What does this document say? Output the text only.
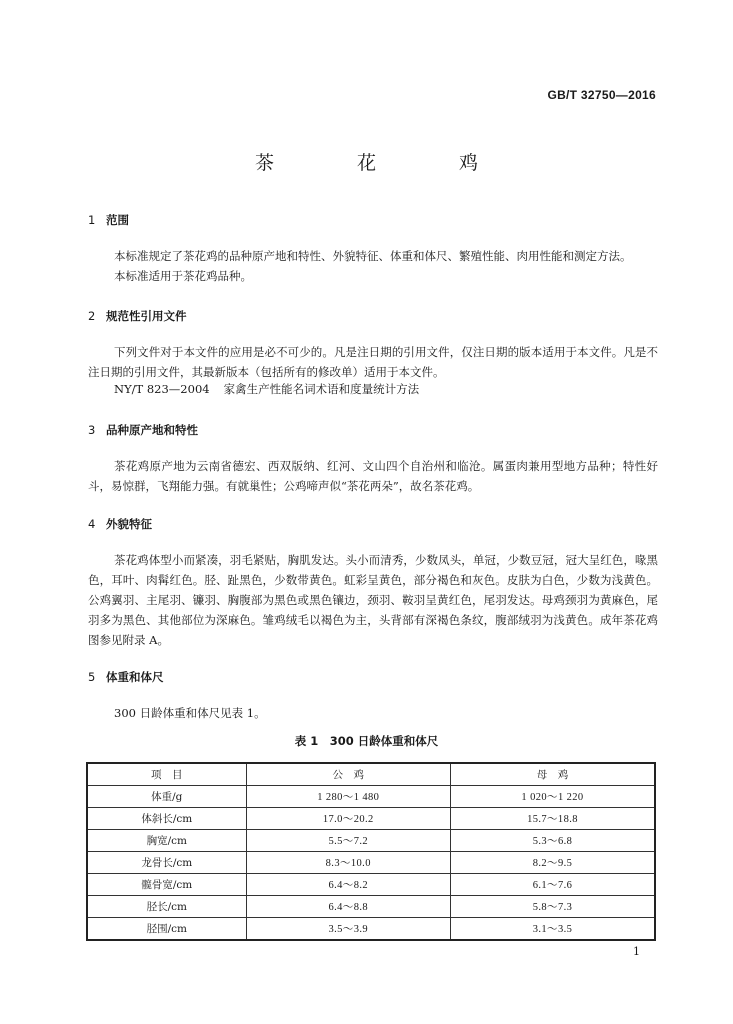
GB/T 32750—2016
茶　花　鸡
1 范围
本标准规定了茶花鸡的品种原产地和特性、外貌特征、体重和体尺、繁殖性能、肉用性能和测定方法。
本标准适用于茶花鸡品种。
2 规范性引用文件
下列文件对于本文件的应用是必不可少的。凡是注日期的引用文件，仅注日期的版本适用于本文件。凡是不注日期的引用文件，其最新版本（包括所有的修改单）适用于本文件。
NY/T 823—2004 家禽生产性能名词术语和度量统计方法
3 品种原产地和特性
茶花鸡原产地为云南省德宏、西双版纳、红河、文山四个自治州和临沧。属蛋肉兼用型地方品种；特性好斗，易惊群，飞翔能力强。有就巢性；公鸡啼声似“茶花两朵”，故名茶花鸡。
4 外貌特征
茶花鸡体型小而紧凑，羽毛紧贴，胸肌发达。头小而清秀，少数凤头，单冠，少数豆冠，冠大呈红色，喙黑色，耳叶、肉髯红色。胫、趾黑色，少数带黄色。虹彩呈黄色，部分褐色和灰色。皮肤为白色，少数为浅黄色。公鸡翼羽、主尾羽、镰羽、胸腹部为黑色或黑色镶边，颈羽、鞍羽呈黄红色，尾羽发达。母鸡颈羽为黄麻色，尾羽多为黑色、其他部位为深麻色。雏鸡绒毛以褐色为主，头背部有深褐色条纹，腹部绒羽为浅黄色。成年茶花鸡图参见附录 A。
5 体重和体尺
300 日龄体重和体尺见表 1。
表 1　300 日龄体重和体尺
项　目	公　鸡	母　鸡
体重/g	1 280～1 480	1 020～1 220
体斜长/cm	17.0～20.2	15.7～18.8
胸宽/cm	5.5～7.2	5.3～6.8
龙骨长/cm	8.3～10.0	8.2～9.5
髋骨宽/cm	6.4～8.2	6.1～7.6
胫长/cm	6.4～8.8	5.8～7.3
胫围/cm	3.5～3.9	3.1～3.5
1
